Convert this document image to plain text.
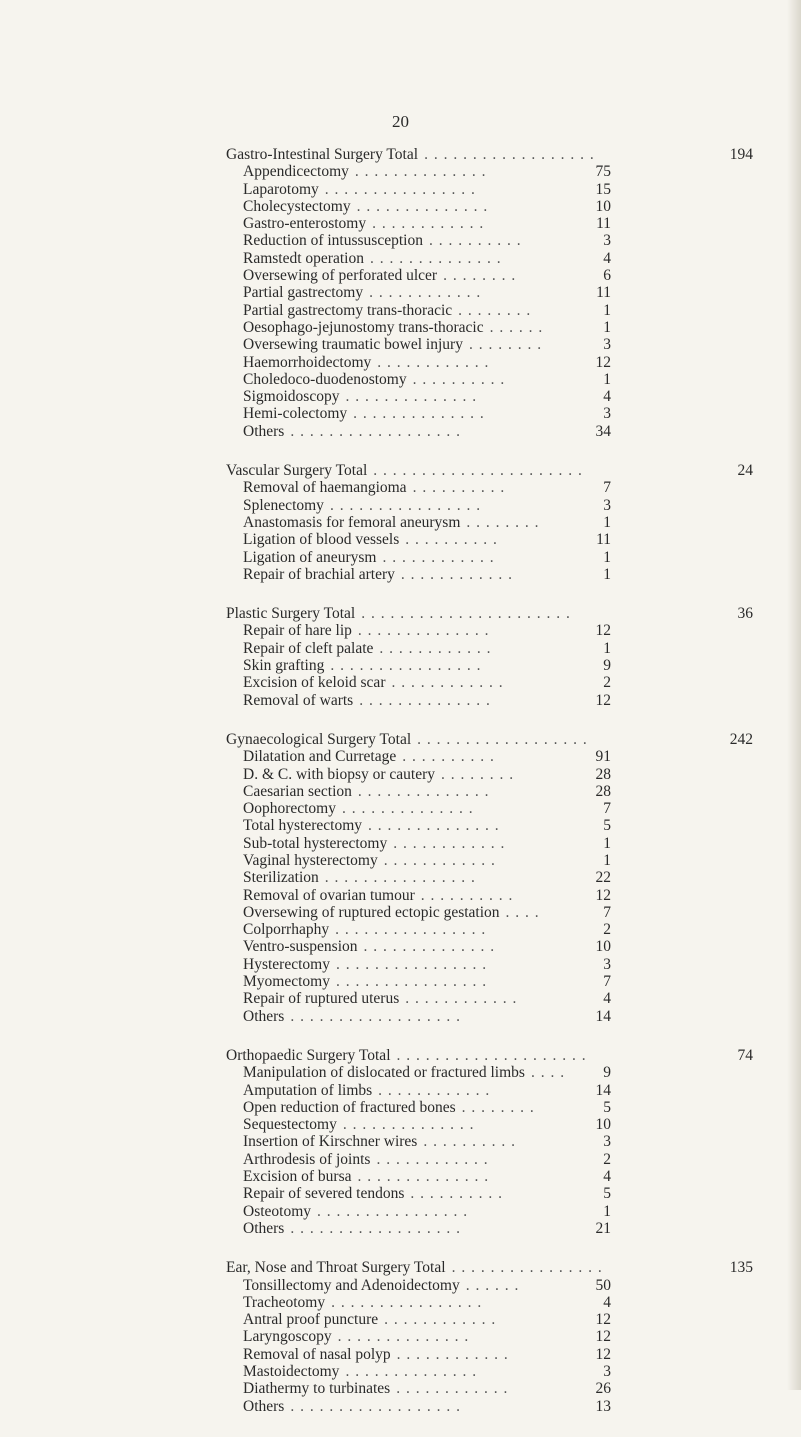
20
Gastro-Intestinal Surgery Total	194
. . . . . . . . . . . . . . . . . .
Appendicectomy	75
. . . . . . . . . . . . . .
Laparotomy	15
. . . . . . . . . . . . . . . .
Cholecystectomy	10
. . . . . . . . . . . . . .
Gastro-enterostomy	11
. . . . . . . . . . . .
Reduction of intussusception	3
. . . . . . . . . .
Ramstedt operation	4
. . . . . . . . . . . . . .
Oversewing of perforated ulcer	6
. . . . . . . .
Partial gastrectomy	11
. . . . . . . . . . . .
Partial gastrectomy trans-thoracic	1
. . . . . . . .
Oesophago-jejunostomy trans-thoracic	1
. . . . . .
Oversewing traumatic bowel injury	3
. . . . . . . .
Haemorrhoidectomy	12
. . . . . . . . . . . .
Choledoco-duodenostomy	1
. . . . . . . . . .
Sigmoidoscopy	4
. . . . . . . . . . . . . .
Hemi-colectomy	3
. . . . . . . . . . . . . .
Others	34
. . . . . . . . . . . . . . . . . .
Vascular Surgery Total	24
. . . . . . . . . . . . . . . . . . . . . .
Removal of haemangioma	7
. . . . . . . . . .
Splenectomy	3
. . . . . . . . . . . . . . . .
Anastomasis for femoral aneurysm	1
. . . . . . . .
Ligation of blood vessels	11
. . . . . . . . . .
Ligation of aneurysm	1
. . . . . . . . . . . .
Repair of brachial artery	1
. . . . . . . . . . . .
Plastic Surgery Total	36
. . . . . . . . . . . . . . . . . . . . . .
Repair of hare lip	12
. . . . . . . . . . . . . .
Repair of cleft palate	1
. . . . . . . . . . . .
Skin grafting	9
. . . . . . . . . . . . . . . .
Excision of keloid scar	2
. . . . . . . . . . . .
Removal of warts	12
. . . . . . . . . . . . . .
Gynaecological Surgery Total	242
. . . . . . . . . . . . . . . . . .
Dilatation and Curretage	91
. . . . . . . . . .
D. & C. with biopsy or cautery	28
. . . . . . . .
Caesarian section	28
. . . . . . . . . . . . . .
Oophorectomy	7
. . . . . . . . . . . . . .
Total hysterectomy	5
. . . . . . . . . . . . . .
Sub-total hysterectomy	1
. . . . . . . . . . . .
Vaginal hysterectomy	1
. . . . . . . . . . . .
Sterilization	22
. . . . . . . . . . . . . . . .
Removal of ovarian tumour	12
. . . . . . . . . .
Oversewing of ruptured ectopic gestation	7
. . . .
Colporrhaphy	2
. . . . . . . . . . . . . . . .
Ventro-suspension	10
. . . . . . . . . . . . . .
Hysterectomy	3
. . . . . . . . . . . . . . . .
Myomectomy	7
. . . . . . . . . . . . . . . .
Repair of ruptured uterus	4
. . . . . . . . . . . .
Others	14
. . . . . . . . . . . . . . . . . .
Orthopaedic Surgery Total	74
. . . . . . . . . . . . . . . . . . . .
Manipulation of dislocated or fractured limbs	9
. . . .
Amputation of limbs	14
. . . . . . . . . . . .
Open reduction of fractured bones	5
. . . . . . . .
Sequestectomy	10
. . . . . . . . . . . . . .
Insertion of Kirschner wires	3
. . . . . . . . . .
Arthrodesis of joints	2
. . . . . . . . . . . .
Excision of bursa	4
. . . . . . . . . . . . . .
Repair of severed tendons	5
. . . . . . . . . .
Osteotomy	1
. . . . . . . . . . . . . . . .
Others	21
. . . . . . . . . . . . . . . . . .
Ear, Nose and Throat Surgery Total	135
. . . . . . . . . . . . . . . .
Tonsillectomy and Adenoidectomy	50
. . . . . .
Tracheotomy	4
. . . . . . . . . . . . . . . .
Antral proof puncture	12
. . . . . . . . . . . .
Laryngoscopy	12
. . . . . . . . . . . . . .
Removal of nasal polyp	12
. . . . . . . . . . . .
Mastoidectomy	3
. . . . . . . . . . . . . .
Diathermy to turbinates	26
. . . . . . . . . . . .
Others	13
. . . . . . . . . . . . . . . . . .
